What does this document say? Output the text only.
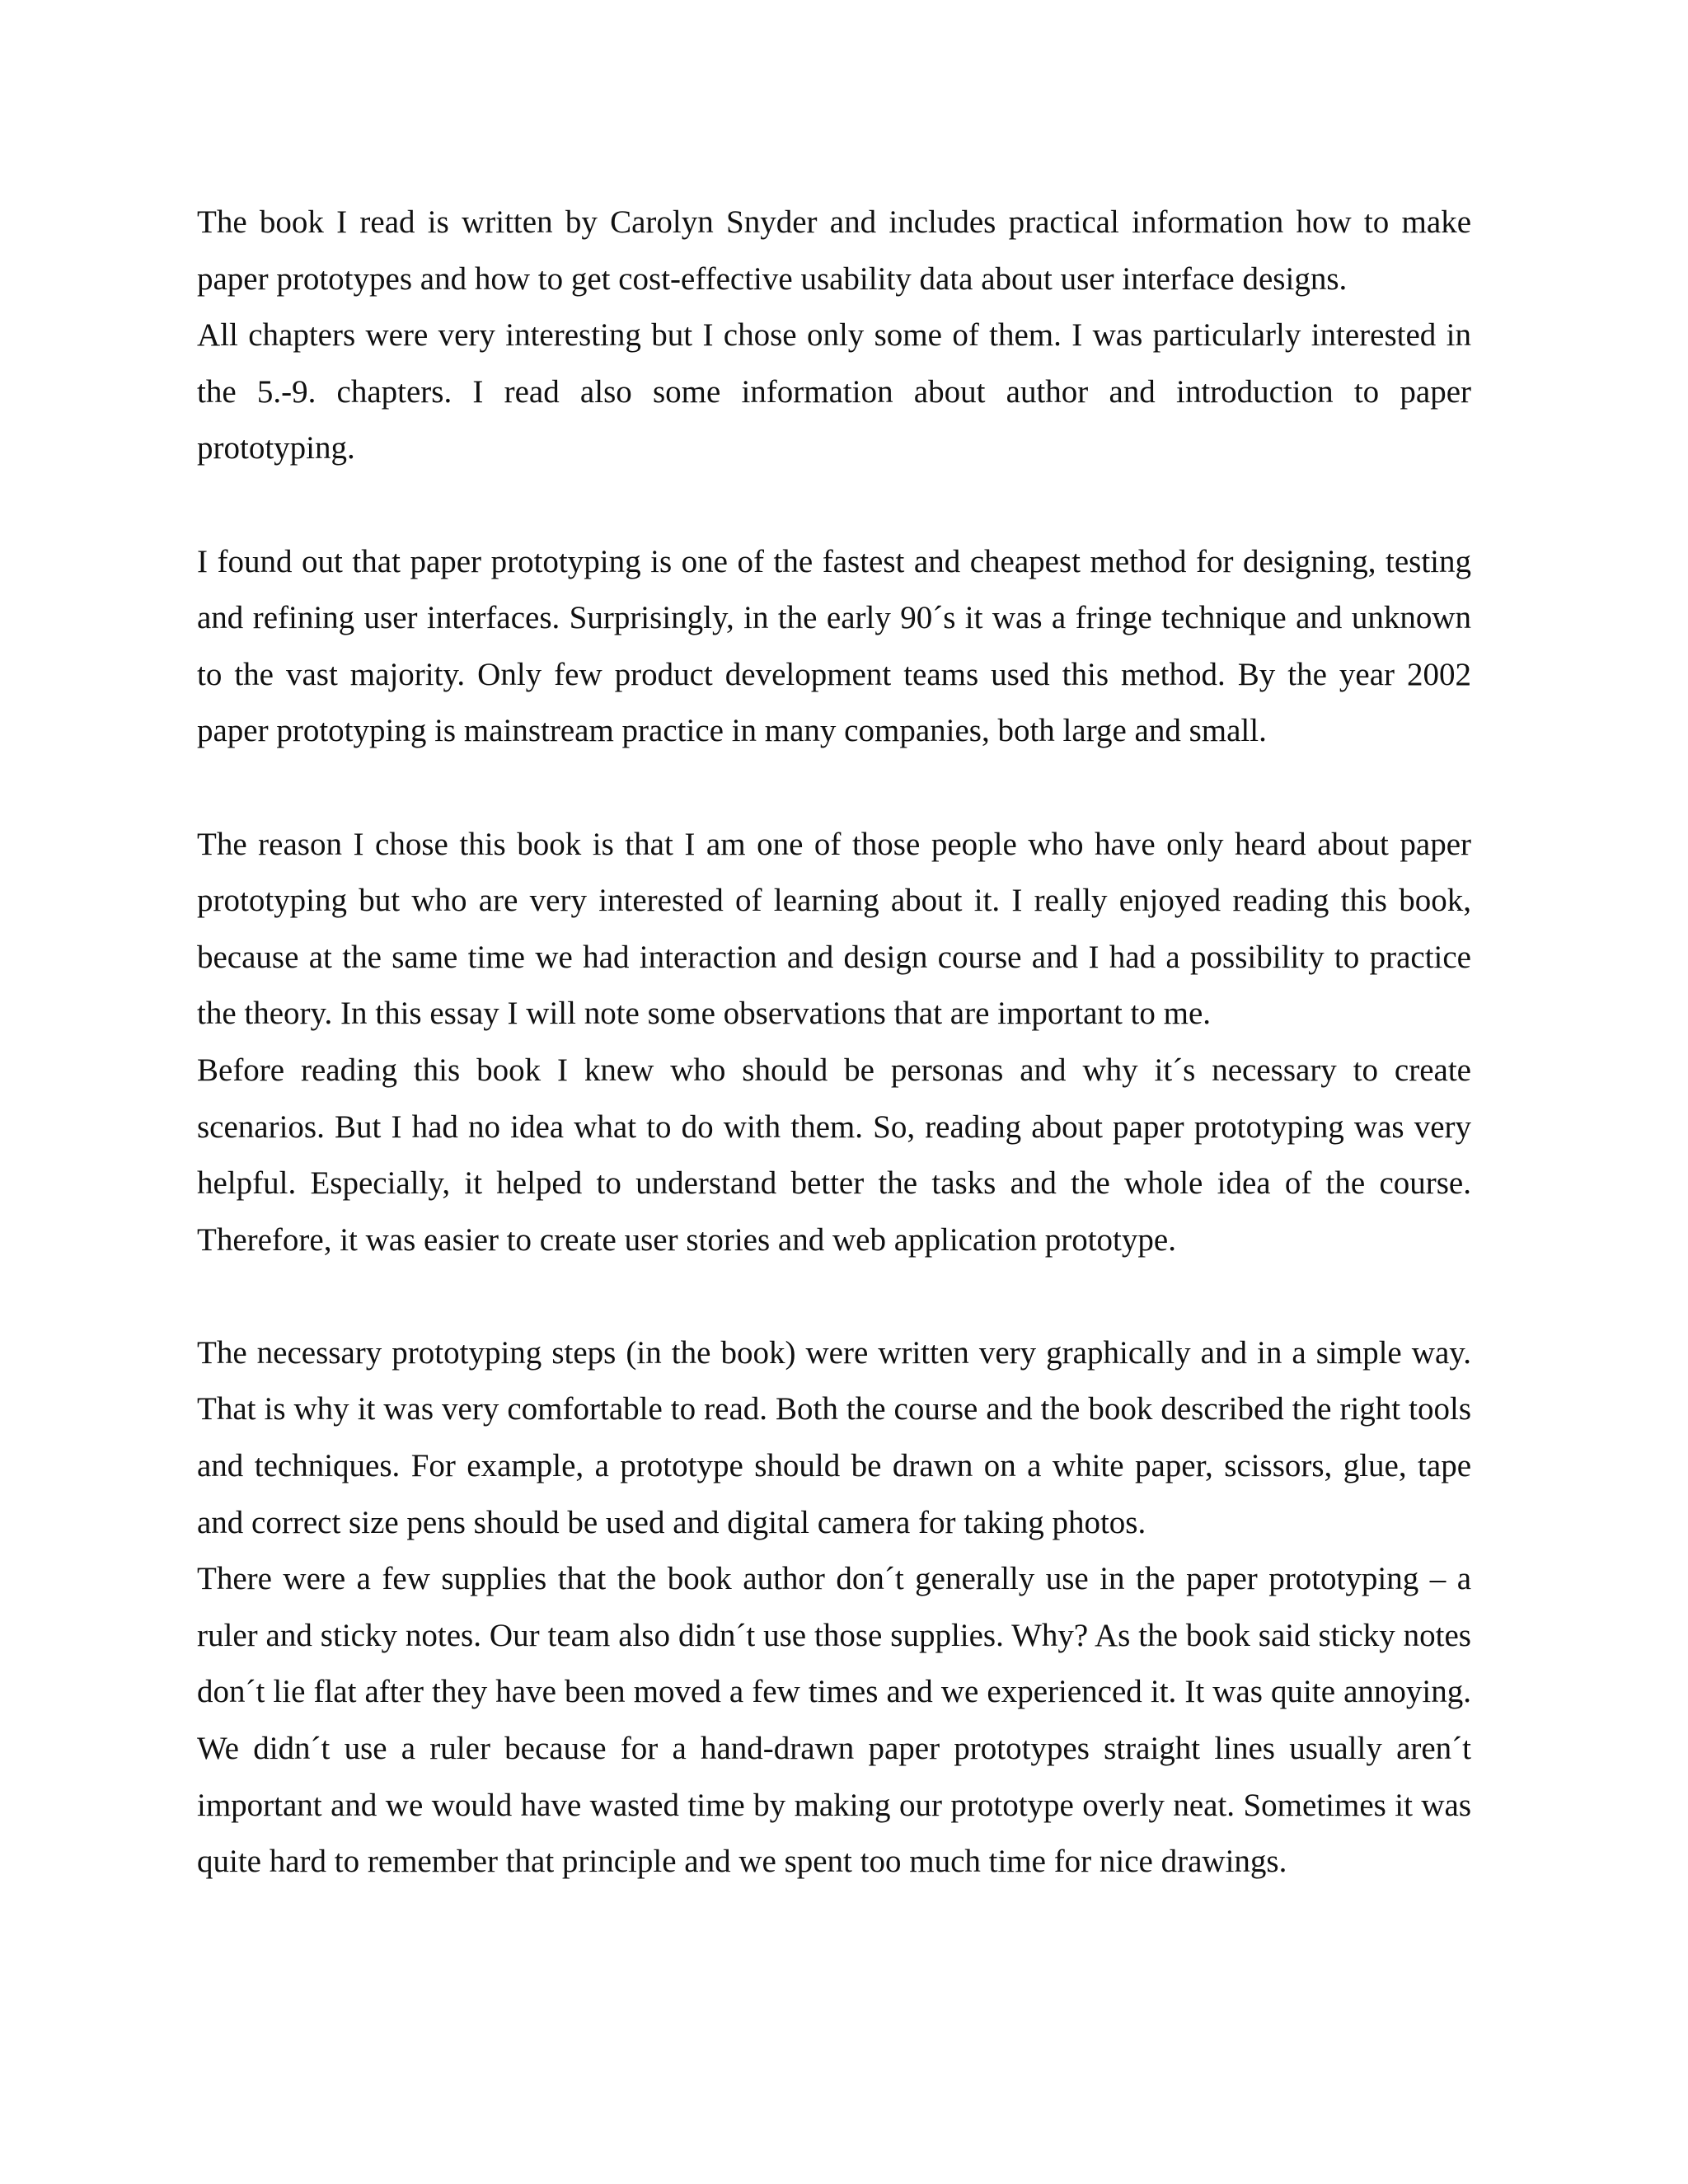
The book I read is written by Carolyn Snyder and includes practical information how to make paper prototypes and how to get cost-effective usability data about user interface designs.

All chapters were very interesting but I chose only some of them. I was particularly interested in the 5.-9. chapters. I read also some information about author and introduction to paper prototyping.

I found out that paper prototyping is one of the fastest and cheapest method for designing, testing and refining user interfaces. Surprisingly, in the early 90´s it was a fringe technique and unknown to the vast majority. Only few product development teams used this method. By the year 2002 paper prototyping is mainstream practice in many companies, both large and small.

The reason I chose this book is that I am one of those people who have only heard about paper prototyping but who are very interested of learning about it. I really enjoyed reading this book, because at the same time we had interaction and design course and I had a possibility to practice the theory. In this essay I will note some observations that are important to me.

Before reading this book I knew who should be personas and why it´s necessary to create scenarios. But I had no idea what to do with them. So, reading about paper prototyping was very helpful. Especially, it helped to understand better the tasks and the whole idea of the course. Therefore, it was easier to create user stories and web application prototype.

The necessary prototyping steps (in the book) were written very graphically and in a simple way. That is why it was very comfortable to read. Both the course and the book described the right tools and techniques. For example, a prototype should be drawn on a white paper, scissors, glue, tape and correct size pens should be used and digital camera for taking photos.

There were a few supplies that the book author don´t generally use in the paper prototyping – a ruler and sticky notes. Our team also didn´t use those supplies. Why? As the book said sticky notes don´t lie flat after they have been moved a few times and we experienced it. It was quite annoying. We didn´t use a ruler because for a hand-drawn paper prototypes straight lines usually aren´t important and we would have wasted time by making our prototype overly neat. Sometimes it was quite hard to remember that principle and we spent too much time for nice drawings.
